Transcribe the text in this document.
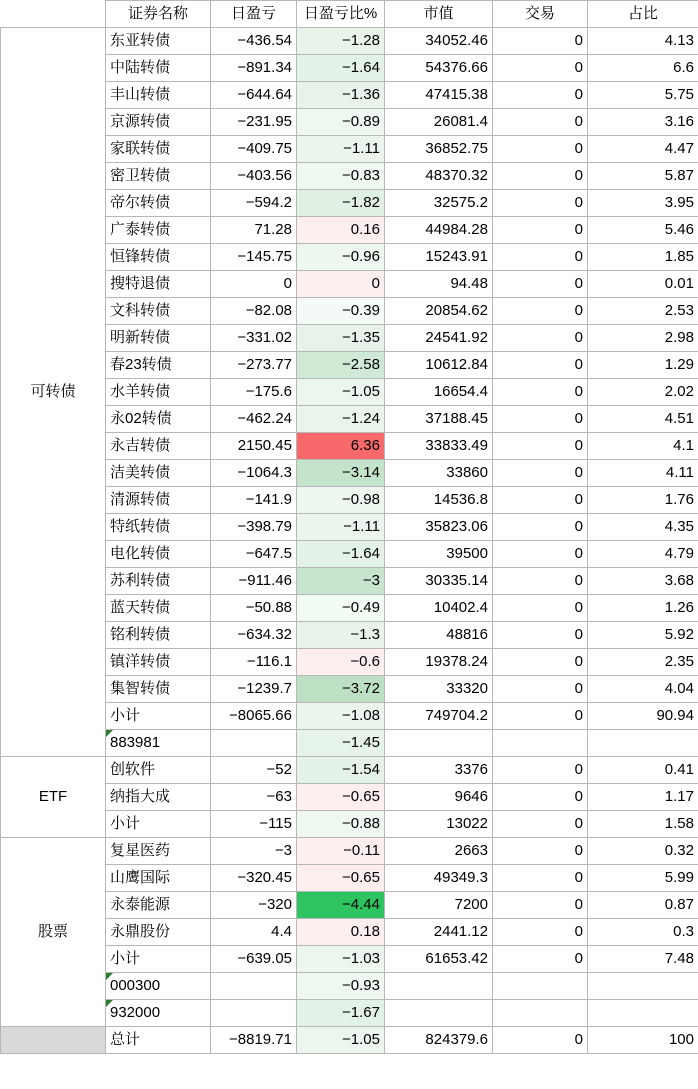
	证券名称	日盈亏	日盈亏比%	市值	交易	占比
可转债	东亚转债	−436.54	−1.28	34052.46	0	4.13
	中陆转债	−891.34	−1.64	54376.66	0	6.6
	丰山转债	−644.64	−1.36	47415.38	0	5.75
	京源转债	−231.95	−0.89	26081.4	0	3.16
	家联转债	−409.75	−1.11	36852.75	0	4.47
	密卫转债	−403.56	−0.83	48370.32	0	5.87
	帝尔转债	−594.2	−1.82	32575.2	0	3.95
	广泰转债	71.28	0.16	44984.28	0	5.46
	恒锋转债	−145.75	−0.96	15243.91	0	1.85
	搜特退债	0	0	94.48	0	0.01
	文科转债	−82.08	−0.39	20854.62	0	2.53
	明新转债	−331.02	−1.35	24541.92	0	2.98
	春23转债	−273.77	−2.58	10612.84	0	1.29
	水羊转债	−175.6	−1.05	16654.4	0	2.02
	永02转债	−462.24	−1.24	37188.45	0	4.51
	永吉转债	2150.45	6.36	33833.49	0	4.1
	洁美转债	−1064.3	−3.14	33860	0	4.11
	清源转债	−141.9	−0.98	14536.8	0	1.76
	特纸转债	−398.79	−1.11	35823.06	0	4.35
	电化转债	−647.5	−1.64	39500	0	4.79
	苏利转债	−911.46	−3	30335.14	0	3.68
	蓝天转债	−50.88	−0.49	10402.4	0	1.26
	铭利转债	−634.32	−1.3	48816	0	5.92
	镇洋转债	−116.1	−0.6	19378.24	0	2.35
	集智转债	−1239.7	−3.72	33320	0	4.04
	小计	−8065.66	−1.08	749704.2	0	90.94
	883981		−1.45			
ETF	创软件	−52	−1.54	3376	0	0.41
	纳指大成	−63	−0.65	9646	0	1.17
	小计	−115	−0.88	13022	0	1.58
股票	复星医药	−3	−0.11	2663	0	0.32
	山鹰国际	−320.45	−0.65	49349.3	0	5.99
	永泰能源	−320	−4.44	7200	0	0.87
	永鼎股份	4.4	0.18	2441.12	0	0.3
	小计	−639.05	−1.03	61653.42	0	7.48
	000300		−0.93			
	932000		−1.67			
	总计	−8819.71	−1.05	824379.6	0	100
